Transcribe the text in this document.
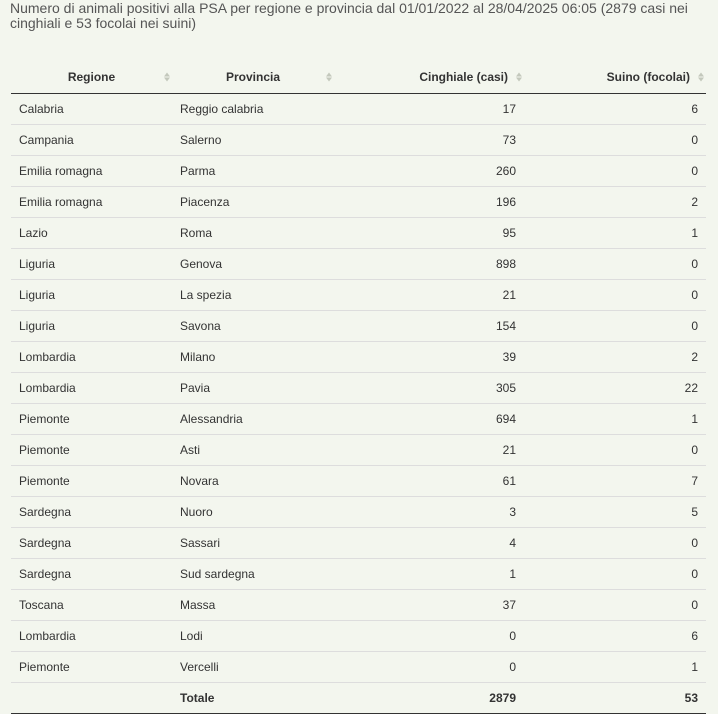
Numero di animali positivi alla PSA per regione e provincia dal 01/01/2022 al 28/04/2025 06:05 (2879 casi nei cinghiali e 53 focolai nei suini)
Regione	Provincia	Cinghiale (casi)	Suino (focolai)

Calabria	Reggio calabria	17	6
Campania	Salerno	73	0
Emilia romagna	Parma	260	0
Emilia romagna	Piacenza	196	2
Lazio	Roma	95	1
Liguria	Genova	898	0
Liguria	La spezia	21	0
Liguria	Savona	154	0
Lombardia	Milano	39	2
Lombardia	Pavia	305	22
Piemonte	Alessandria	694	1
Piemonte	Asti	21	0
Piemonte	Novara	61	7
Sardegna	Nuoro	3	5
Sardegna	Sassari	4	0
Sardegna	Sud sardegna	1	0
Toscana	Massa	37	0
Lombardia	Lodi	0	6
Piemonte	Vercelli	0	1
	Totale	2879	53
